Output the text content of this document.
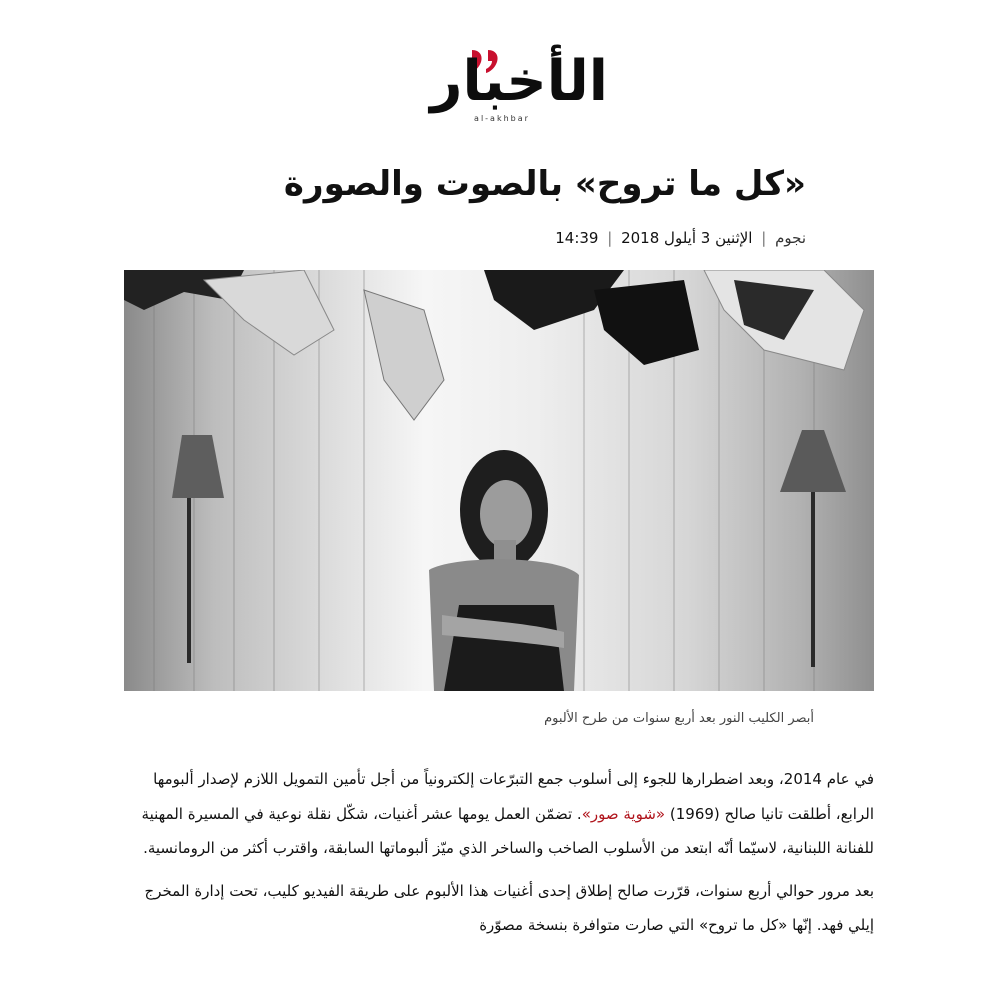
الأخبار
al-akhbar
«كل ما تروح» بالصوت والصورة
نجوم | الإثنين 3 أيلول 2018 | 14:39
أبصر الكليب النور بعد أربع سنوات من طرح الألبوم

في عام 2014، وبعد اضطرارها للجوء إلى أسلوب جمع التبرّعات إلكترونياً من أجل تأمين التمويل اللازم لإصدار ألبومها الرابع، أطلقت تانيا صالح (1969) «شوية صور». تضمّن العمل يومها عشر أغنيات، شكّل نقلة نوعية في المسيرة المهنية للفنانة اللبنانية، لاسيّما أنّه ابتعد من الأسلوب الصاخب والساخر الذي ميّز ألبوماتها السابقة، واقترب أكثر من الرومانسية.

بعد مرور حوالي أربع سنوات، قرّرت صالح إطلاق إحدى أغنيات هذا الألبوم على طريقة الفيديو كليب، تحت إدارة المخرج إيلي فهد. إنّها «كل ما تروح» التي صارت متوافرة بنسخة مصوّرة
